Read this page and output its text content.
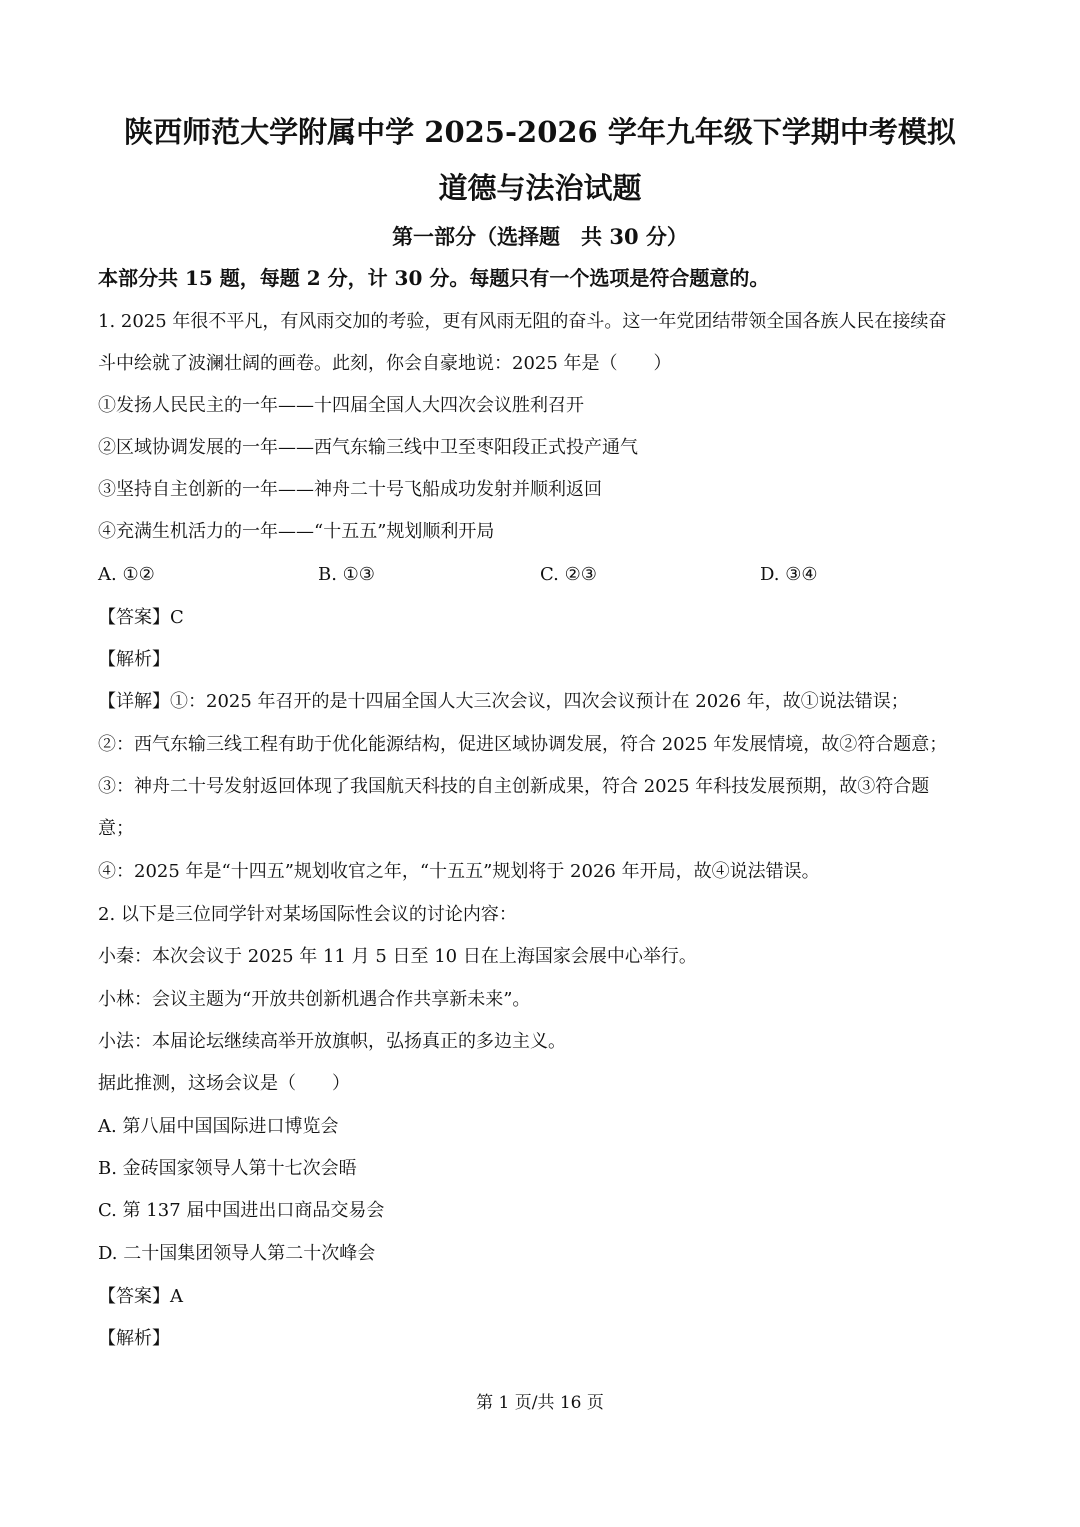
陕西师范大学附属中学 2025-2026 学年九年级下学期中考模拟
道德与法治试题
第一部分（选择题　共 30 分）
本部分共 15 题，每题 2 分，计 30 分。每题只有一个选项是符合题意的。
1. 2025 年很不平凡，有风雨交加的考验，更有风雨无阻的奋斗。这一年党团结带领全国各族人民在接续奋
斗中绘就了波澜壮阔的画卷。此刻，你会自豪地说：2025 年是（　　）
①发扬人民民主的一年——十四届全国人大四次会议胜利召开
②区域协调发展的一年——西气东输三线中卫至枣阳段正式投产通气
③坚持自主创新的一年——神舟二十号飞船成功发射并顺利返回
④充满生机活力的一年——“十五五”规划顺利开局
A. ①②	B. ①③	C. ②③	D. ③④
【答案】C
【解析】
【详解】①：2025 年召开的是十四届全国人大三次会议，四次会议预计在 2026 年，故①说法错误；
②：西气东输三线工程有助于优化能源结构，促进区域协调发展，符合 2025 年发展情境，故②符合题意；
③：神舟二十号发射返回体现了我国航天科技的自主创新成果，符合 2025 年科技发展预期，故③符合题
意；
④：2025 年是“十四五”规划收官之年，“十五五”规划将于 2026 年开局，故④说法错误。
2. 以下是三位同学针对某场国际性会议的讨论内容：
小秦：本次会议于 2025 年 11 月 5 日至 10 日在上海国家会展中心举行。
小林：会议主题为“开放共创新机遇合作共享新未来”。
小法：本届论坛继续高举开放旗帜，弘扬真正的多边主义。
据此推测，这场会议是（　　）
A. 第八届中国国际进口博览会
B. 金砖国家领导人第十七次会晤
C. 第 137 届中国进出口商品交易会
D. 二十国集团领导人第二十次峰会
【答案】A
【解析】
第 1 页/共 16 页
